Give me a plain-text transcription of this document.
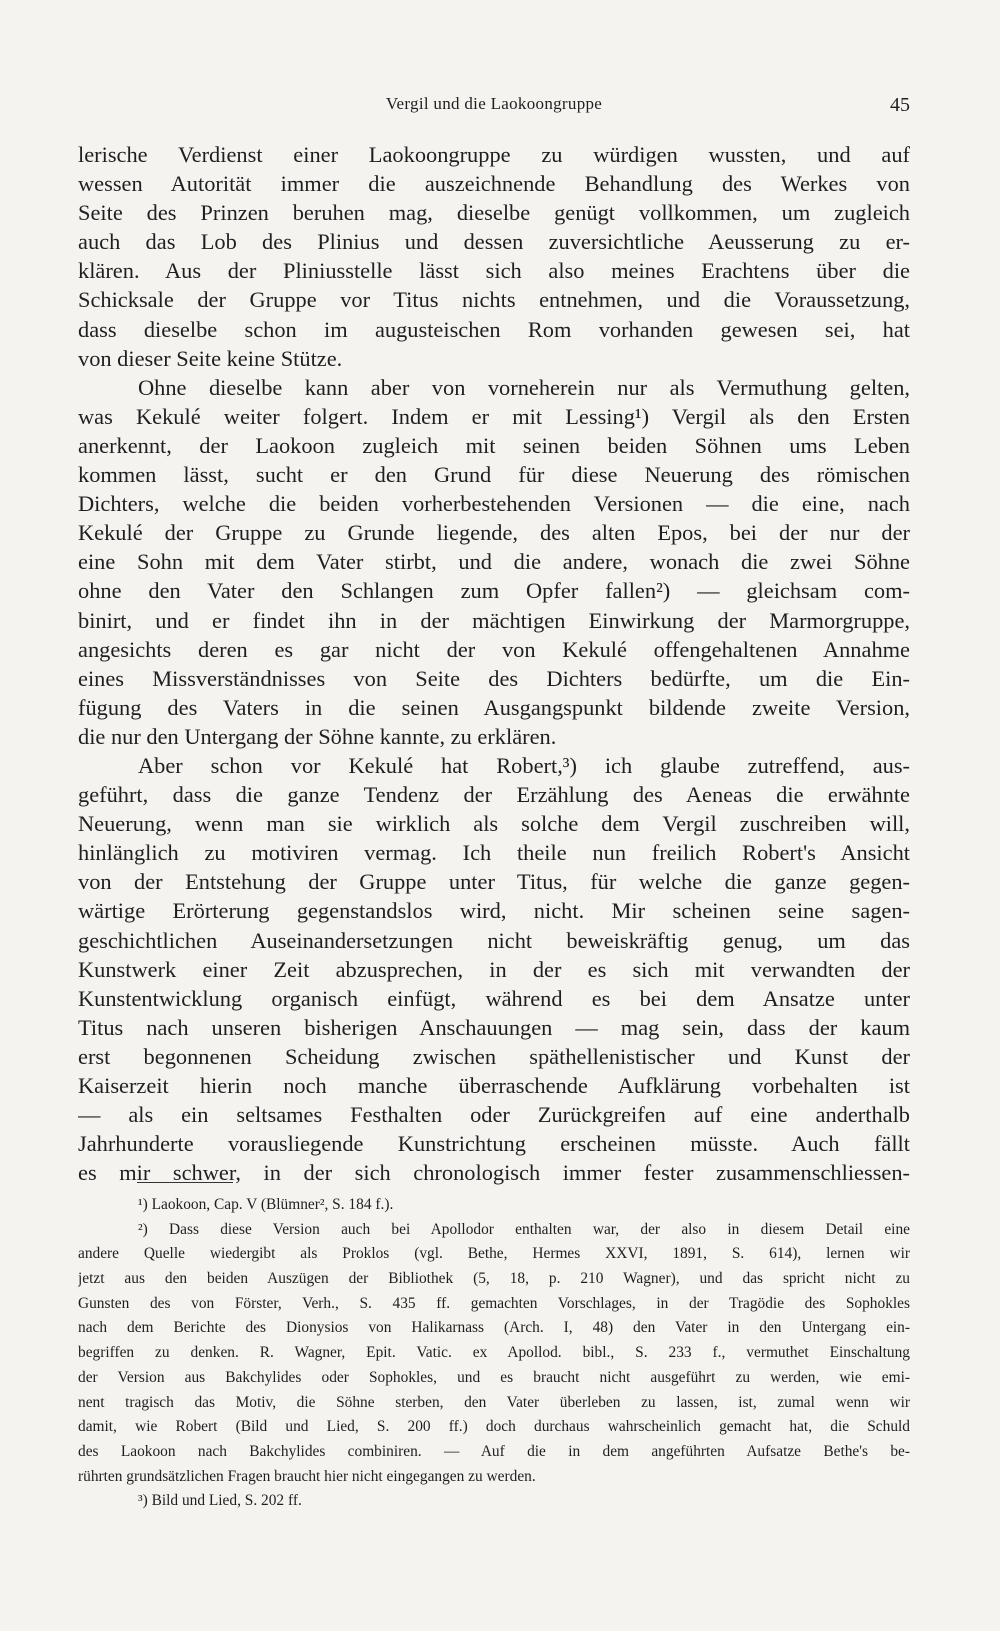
Vergil und die Laokoongruppe	45
lerische Verdienst einer Laokoongruppe zu würdigen wussten, und auf
wessen Autorität immer die auszeichnende Behandlung des Werkes von
Seite des Prinzen beruhen mag, dieselbe genügt vollkommen, um zugleich
auch das Lob des Plinius und dessen zuversichtliche Aeusserung zu er-
klären. Aus der Pliniusstelle lässt sich also meines Erachtens über die
Schicksale der Gruppe vor Titus nichts entnehmen, und die Voraussetzung,
dass dieselbe schon im augusteischen Rom vorhanden gewesen sei, hat
von dieser Seite keine Stütze.
Ohne dieselbe kann aber von vorneherein nur als Vermuthung gelten,
was Kekulé weiter folgert. Indem er mit Lessing¹) Vergil als den Ersten
anerkennt, der Laokoon zugleich mit seinen beiden Söhnen ums Leben
kommen lässt, sucht er den Grund für diese Neuerung des römischen
Dichters, welche die beiden vorherbestehenden Versionen — die eine, nach
Kekulé der Gruppe zu Grunde liegende, des alten Epos, bei der nur der
eine Sohn mit dem Vater stirbt, und die andere, wonach die zwei Söhne
ohne den Vater den Schlangen zum Opfer fallen²) — gleichsam com-
binirt, und er findet ihn in der mächtigen Einwirkung der Marmorgruppe,
angesichts deren es gar nicht der von Kekulé offengehaltenen Annahme
eines Missverständnisses von Seite des Dichters bedürfte, um die Ein-
fügung des Vaters in die seinen Ausgangspunkt bildende zweite Version,
die nur den Untergang der Söhne kannte, zu erklären.
Aber schon vor Kekulé hat Robert,³) ich glaube zutreffend, aus-
geführt, dass die ganze Tendenz der Erzählung des Aeneas die erwähnte
Neuerung, wenn man sie wirklich als solche dem Vergil zuschreiben will,
hinlänglich zu motiviren vermag. Ich theile nun freilich Robert's Ansicht
von der Entstehung der Gruppe unter Titus, für welche die ganze gegen-
wärtige Erörterung gegenstandslos wird, nicht. Mir scheinen seine sagen-
geschichtlichen Auseinandersetzungen nicht beweiskräftig genug, um das
Kunstwerk einer Zeit abzusprechen, in der es sich mit verwandten der
Kunstentwicklung organisch einfügt, während es bei dem Ansatze unter
Titus nach unseren bisherigen Anschauungen — mag sein, dass der kaum
erst begonnenen Scheidung zwischen späthellenistischer und Kunst der
Kaiserzeit hierin noch manche überraschende Aufklärung vorbehalten ist
— als ein seltsames Festhalten oder Zurückgreifen auf eine anderthalb
Jahrhunderte vorausliegende Kunstrichtung erscheinen müsste. Auch fällt
es mir schwer, in der sich chronologisch immer fester zusammenschliessen-
¹) Laokoon, Cap. V (Blümner², S. 184 f.).
²) Dass diese Version auch bei Apollodor enthalten war, der also in diesem Detail eine
andere Quelle wiedergibt als Proklos (vgl. Bethe, Hermes XXVI, 1891, S. 614), lernen wir
jetzt aus den beiden Auszügen der Bibliothek (5, 18, p. 210 Wagner), und das spricht nicht zu
Gunsten des von Förster, Verh., S. 435 ff. gemachten Vorschlages, in der Tragödie des Sophokles
nach dem Berichte des Dionysios von Halikarnass (Arch. I, 48) den Vater in den Untergang ein-
begriffen zu denken. R. Wagner, Epit. Vatic. ex Apollod. bibl., S. 233 f., vermuthet Einschaltung
der Version aus Bakchylides oder Sophokles, und es braucht nicht ausgeführt zu werden, wie emi-
nent tragisch das Motiv, die Söhne sterben, den Vater überleben zu lassen, ist, zumal wenn wir
damit, wie Robert (Bild und Lied, S. 200 ff.) doch durchaus wahrscheinlich gemacht hat, die Schuld
des Laokoon nach Bakchylides combiniren. — Auf die in dem angeführten Aufsatze Bethe's be-
rührten grundsätzlichen Fragen braucht hier nicht eingegangen zu werden.
³) Bild und Lied, S. 202 ff.
